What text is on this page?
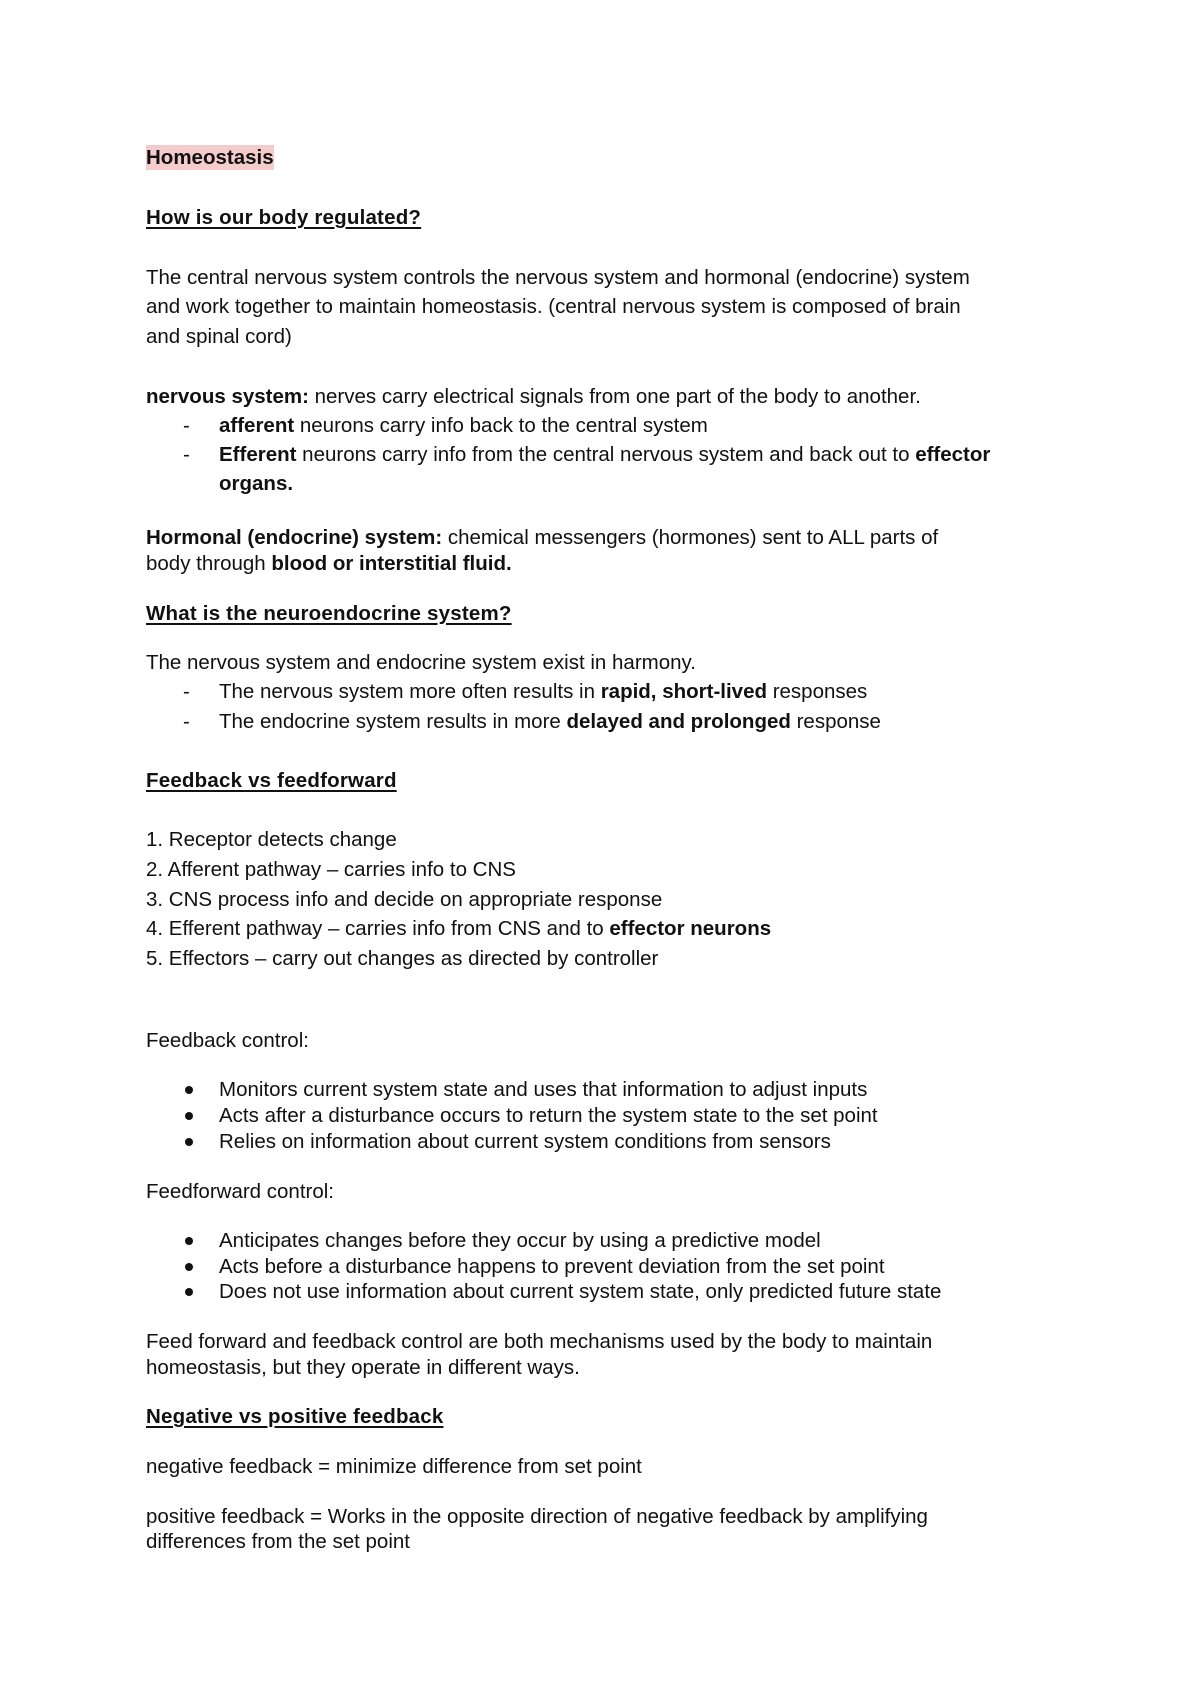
Homeostasis
How is our body regulated?
The central nervous system controls the nervous system and hormonal (endocrine) system
and work together to maintain homeostasis. (central nervous system is composed of brain
and spinal cord)
nervous system: nerves carry electrical signals from one part of the body to another.
- afferent neurons carry info back to the central system
- Efferent neurons carry info from the central nervous system and back out to effector
organs.
Hormonal (endocrine) system: chemical messengers (hormones) sent to ALL parts of
body through blood or interstitial fluid.
What is the neuroendocrine system?
The nervous system and endocrine system exist in harmony.
- The nervous system more often results in rapid, short-lived responses
- The endocrine system results in more delayed and prolonged response
Feedback vs feedforward
1. Receptor detects change
2. Afferent pathway – carries info to CNS
3. CNS process info and decide on appropriate response
4. Efferent pathway – carries info from CNS and to effector neurons
5. Effectors – carry out changes as directed by controller
Feedback control:
Monitors current system state and uses that information to adjust inputs
Acts after a disturbance occurs to return the system state to the set point
Relies on information about current system conditions from sensors
Feedforward control:
Anticipates changes before they occur by using a predictive model
Acts before a disturbance happens to prevent deviation from the set point
Does not use information about current system state, only predicted future state
Feed forward and feedback control are both mechanisms used by the body to maintain
homeostasis, but they operate in different ways.
Negative vs positive feedback
negative feedback = minimize difference from set point
positive feedback = Works in the opposite direction of negative feedback by amplifying
differences from the set point
